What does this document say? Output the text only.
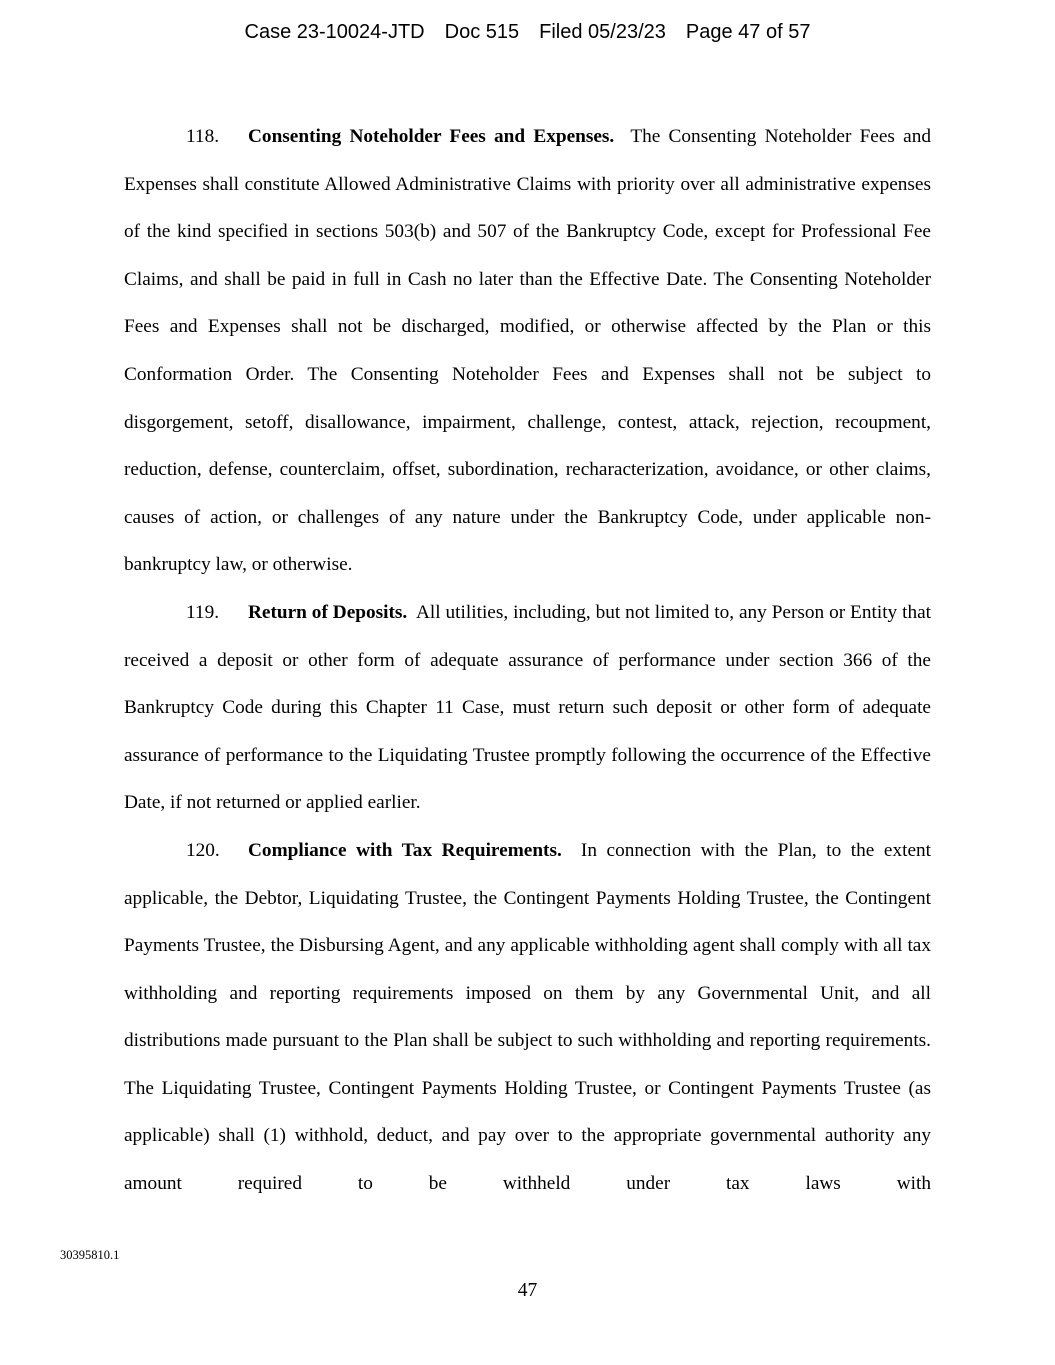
Case 23-10024-JTD Doc 515 Filed 05/23/23 Page 47 of 57

118. Consenting Noteholder Fees and Expenses. The Consenting Noteholder Fees and Expenses shall constitute Allowed Administrative Claims with priority over all administrative expenses of the kind specified in sections 503(b) and 507 of the Bankruptcy Code, except for Professional Fee Claims, and shall be paid in full in Cash no later than the Effective Date. The Consenting Noteholder Fees and Expenses shall not be discharged, modified, or otherwise affected by the Plan or this Conformation Order. The Consenting Noteholder Fees and Expenses shall not be subject to disgorgement, setoff, disallowance, impairment, challenge, contest, attack, rejection, recoupment, reduction, defense, counterclaim, offset, subordination, recharacterization, avoidance, or other claims, causes of action, or challenges of any nature under the Bankruptcy Code, under applicable non-bankruptcy law, or otherwise.

119. Return of Deposits. All utilities, including, but not limited to, any Person or Entity that received a deposit or other form of adequate assurance of performance under section 366 of the Bankruptcy Code during this Chapter 11 Case, must return such deposit or other form of adequate assurance of performance to the Liquidating Trustee promptly following the occurrence of the Effective Date, if not returned or applied earlier.

120. Compliance with Tax Requirements. In connection with the Plan, to the extent applicable, the Debtor, Liquidating Trustee, the Contingent Payments Holding Trustee, the Contingent Payments Trustee, the Disbursing Agent, and any applicable withholding agent shall comply with all tax withholding and reporting requirements imposed on them by any Governmental Unit, and all distributions made pursuant to the Plan shall be subject to such withholding and reporting requirements. The Liquidating Trustee, Contingent Payments Holding Trustee, or Contingent Payments Trustee (as applicable) shall (1) withhold, deduct, and pay over to the appropriate governmental authority any amount required to be withheld under tax laws with

30395810.1
47
